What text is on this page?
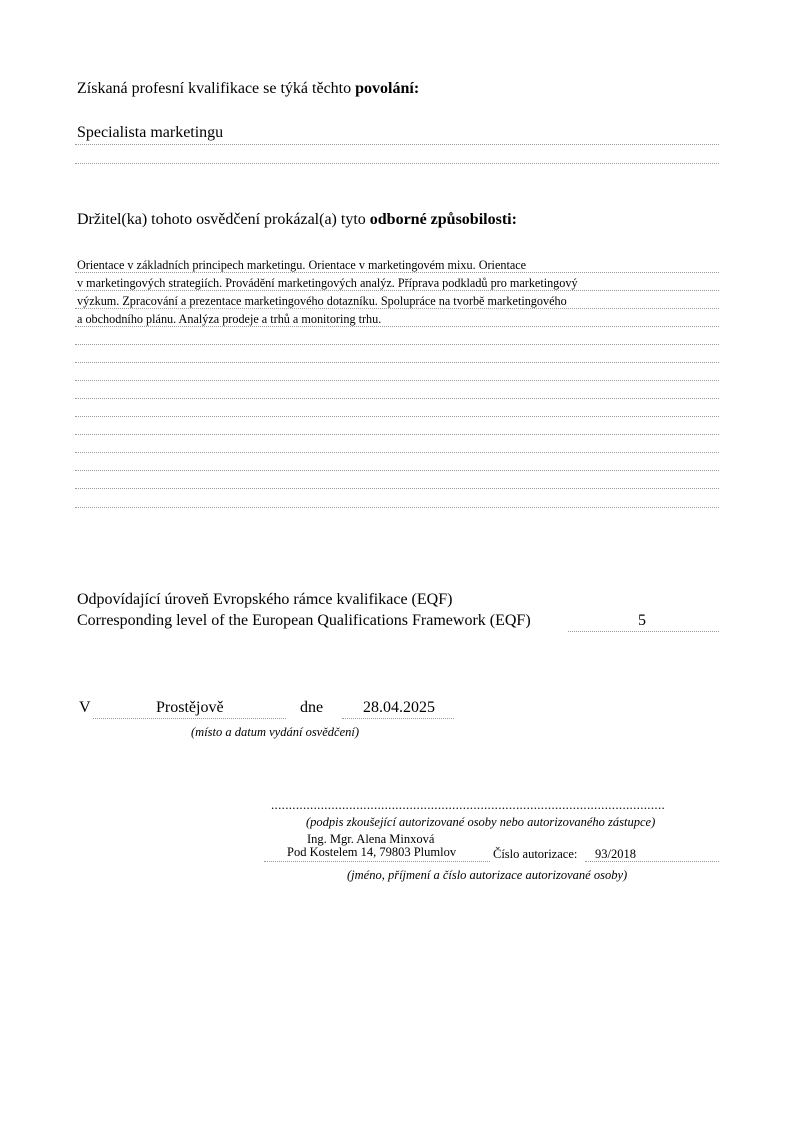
Získaná profesní kvalifikace se týká těchto povolání:
Specialista marketingu
Držitel(ka) tohoto osvědčení prokázal(a) tyto odborné způsobilosti:
Orientace v základních principech marketingu. Orientace v marketingovém mixu. Orientace
v marketingových strategiích. Provádění marketingových analýz. Příprava podkladů pro marketingový
výzkum. Zpracování a prezentace marketingového dotazníku. Spolupráce na tvorbě marketingového
a obchodního plánu. Analýza prodeje a trhů a monitoring trhu.
Odpovídající úroveň Evropského rámce kvalifikace (EQF)
Corresponding level of the European Qualifications Framework (EQF)	5
V	Prostějově	dne 28.04.2025
(místo a datum vydání osvědčení)
...............................................................................................................
(podpis zkoušející autorizované osoby nebo autorizovaného zástupce)
Ing. Mgr. Alena Minxová
Pod Kostelem 14, 79803 Plumlov	Číslo autorizace: 93/2018
(jméno, příjmení a číslo autorizace autorizované osoby)
